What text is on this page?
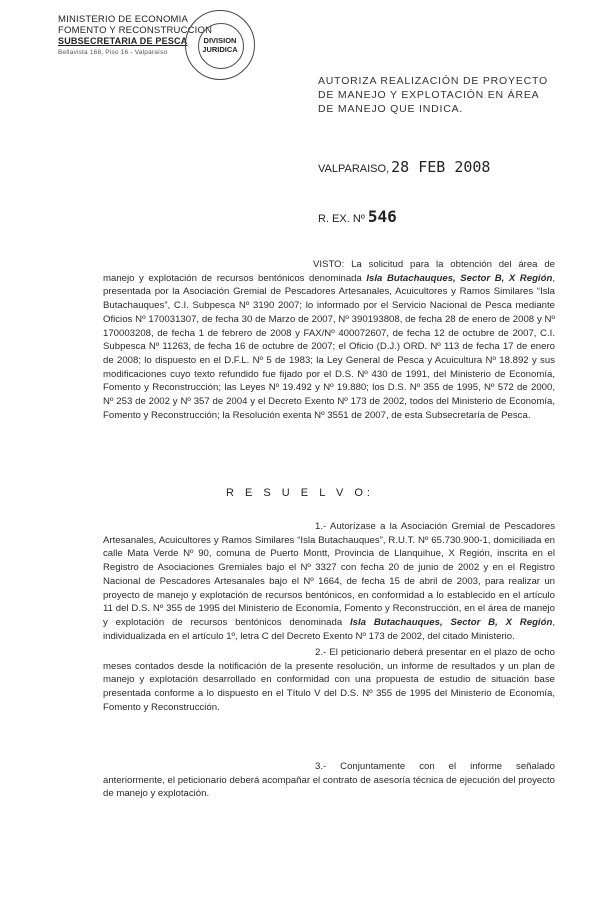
MINISTERIO DE ECONOMIA
FOMENTO Y RECONSTRUCCION
SUBSECRETARIA DE PESCA
Bellavista 168, Piso 16 - Valparaíso
DIVISION
JURIDICA
AUTORIZA REALIZACIÓN DE PROYECTO DE MANEJO Y EXPLOTACIÓN EN ÁREA DE MANEJO QUE INDICA.
VALPARAISO, 28 FEB 2008
R. EX. Nº 546
VISTO: La solicitud para la obtención del área de manejo y explotación de recursos bentónicos denominada Isla Butachauques, Sector B, X Región, presentada por la Asociación Gremial de Pescadores Artesanales, Acuicultores y Ramos Similares “Isla Butachauques”, C.I. Subpesca Nº 3190 2007; lo informado por el Servicio Nacional de Pesca mediante Oficios Nº 170031307, de fecha 30 de Marzo de 2007, Nº 390193808, de fecha 28 de enero de 2008 y Nº 170003208, de fecha 1 de febrero de 2008 y FAX/Nº 400072607, de fecha 12 de octubre de 2007, C.I. Subpesca Nº 11263, de fecha 16 de octubre de 2007; el Oficio (D.J.) ORD. Nº 113 de fecha 17 de enero de 2008; lo dispuesto en el D.F.L. Nº 5 de 1983; la Ley General de Pesca y Acuicultura Nº 18.892 y sus modificaciones cuyo texto refundido fue fijado por el D.S. Nº 430 de 1991, del Ministerio de Economía, Fomento y Reconstrucción; las Leyes Nº 19.492 y Nº 19.880; los D.S. Nº 355 de 1995, Nº 572 de 2000, Nº 253 de 2002 y Nº 357 de 2004 y el Decreto Exento Nº 173 de 2002, todos del Ministerio de Economía, Fomento y Reconstrucción; la Resolución exenta Nº 3551 de 2007, de esta Subsecretaría de Pesca.
R E S U E L V O:
1.- Autorízase a la Asociación Gremial de Pescadores Artesanales, Acuicultores y Ramos Similares “Isla Butachauques”, R.U.T. Nº 65.730.900-1, domiciliada en calle Mata Verde Nº 90, comuna de Puerto Montt, Provincia de Llanquihue, X Región, inscrita en el Registro de Asociaciones Gremiales bajo el Nº 3327 con fecha 20 de junio de 2002 y en el Registro Nacional de Pescadores Artesanales bajo el Nº 1664, de fecha 15 de abril de 2003, para realizar un proyecto de manejo y explotación de recursos bentónicos, en conformidad a lo establecido en el artículo 11 del D.S. Nº 355 de 1995 del Ministerio de Economía, Fomento y Reconstrucción, en el área de manejo y explotación de recursos bentónicos denominada Isla Butachauques, Sector B, X Región, individualizada en el artículo 1º, letra C del Decreto Exento Nº 173 de 2002, del citado Ministerio.
2.- El peticionario deberá presentar en el plazo de ocho meses contados desde la notificación de la presente resolución, un informe de resultados y un plan de manejo y explotación desarrollado en conformidad con una propuesta de estudio de situación base presentada conforme a lo dispuesto en el Título V del D.S. Nº 355 de 1995 del Ministerio de Economía, Fomento y Reconstrucción.
3.- Conjuntamente con el informe señalado anteriormente, el peticionario deberá acompañar el contrato de asesoría técnica de ejecución del proyecto de manejo y explotación.
